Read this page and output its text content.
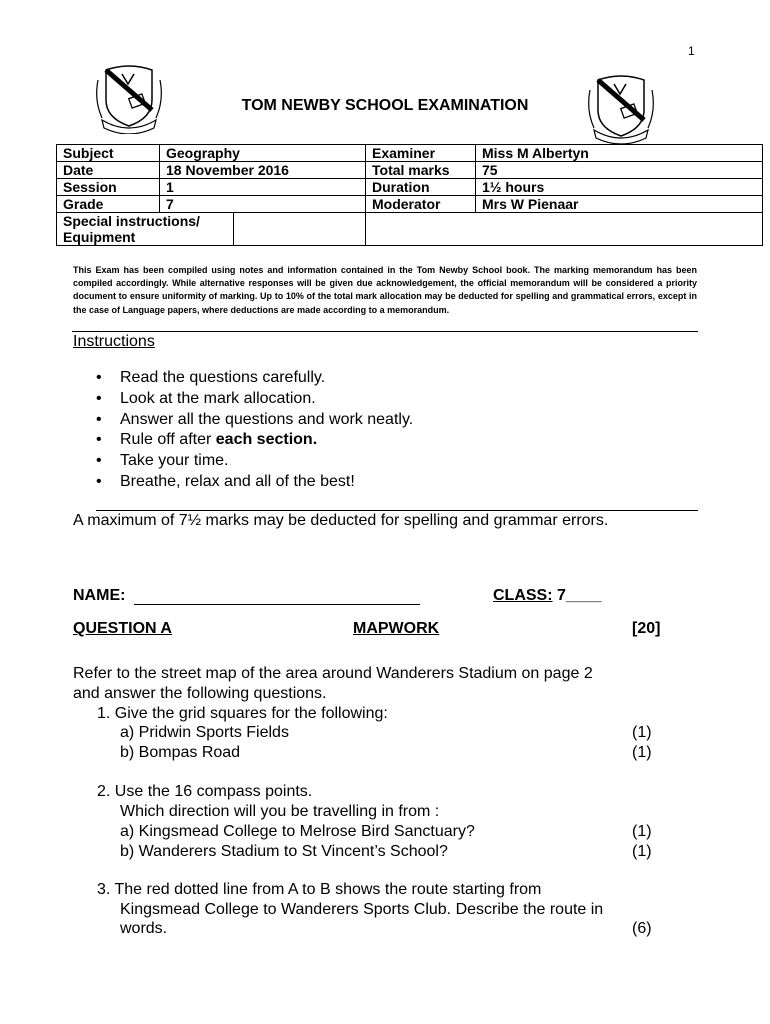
1
TOM NEWBY SCHOOL EXAMINATION
Subject	Geography	Examiner	Miss M Albertyn
Date	18 November 2016	Total marks	75
Session	1	Duration	1½ hours
Grade	7	Moderator	Mrs W Pienaar

Special instructions/ Equipment			

This Exam has been compiled using notes and information contained in the Tom Newby School book. The marking memorandum has been compiled accordingly. While alternative responses will be given due acknowledgement, the official memorandum will be considered a priority document to ensure uniformity of marking. Up to 10% of the total mark allocation may be deducted for spelling and grammatical errors, except in the case of Language papers, where deductions are made according to a memorandum.
Instructions
• Read the questions carefully.
• Look at the mark allocation.
• Answer all the questions and work neatly.
• Rule off after each section.
• Take your time.
• Breathe, relax and all of the best!
A maximum of 7½ marks may be deducted for spelling and grammar errors.
NAME:	CLASS: 7____
QUESTION A	MAPWORK	[20]
Refer to the street map of the area around Wanderers Stadium on page 2
and answer the following questions.
1. Give the grid squares for the following:
a) Pridwin Sports Fields	(1)
b) Bompas Road	(1)
2. Use the 16 compass points.
Which direction will you be travelling in from :
a) Kingsmead College to Melrose Bird Sanctuary?	(1)
b) Wanderers Stadium to St Vincent’s School?	(1)
3. The red dotted line from A to B shows the route starting from
Kingsmead College to Wanderers Sports Club. Describe the route in
words.	(6)
